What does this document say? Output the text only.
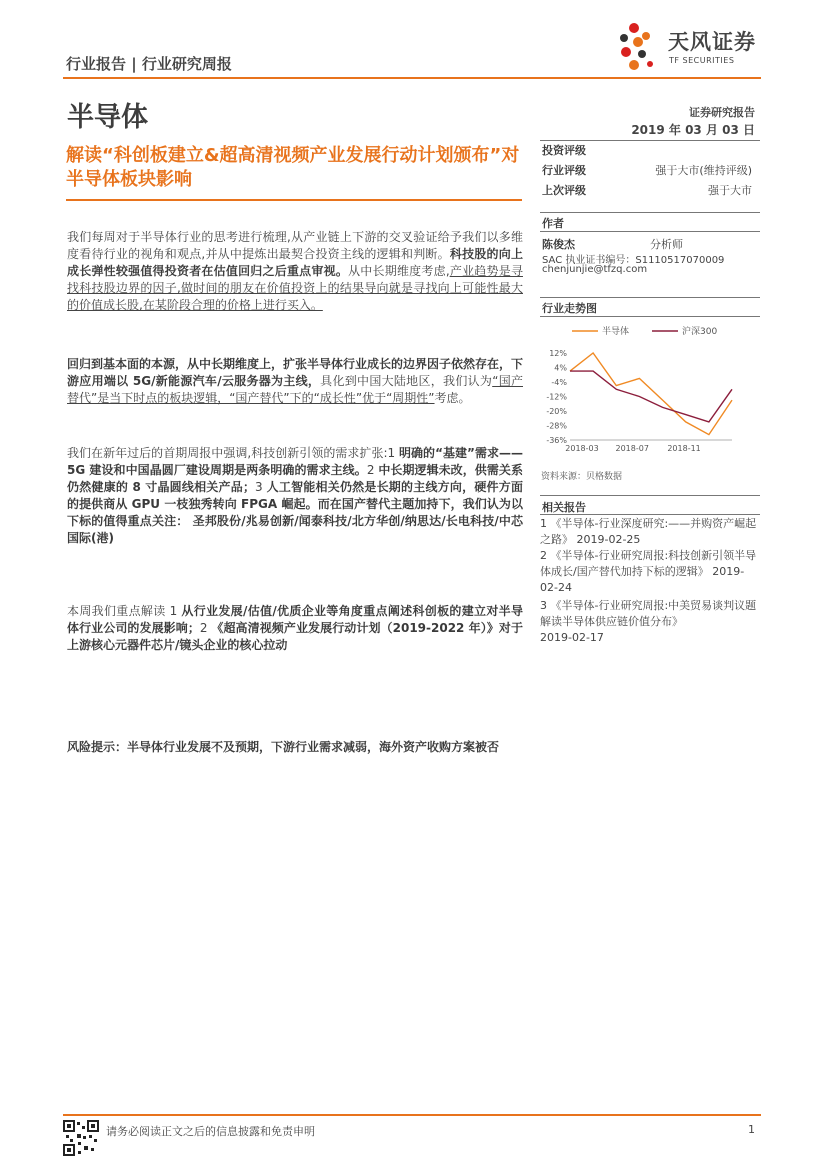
行业报告 | 行业研究周报
半导体
天风证券
TF SECURITIES
证券研究报告
2019 年 03 月 03 日
解读“科创板建立&超高清视频产业发展行动计划颁布”对半导体板块影响
投资评级
行业评级	强于大市(维持评级)
上次评级	强于大市
作者
陈俊杰	分析师
SAC 执业证书编号：S1110517070009
chenjunjie@tfzq.com
行业走势图
半导体	沪深300
12%
4%
-4%
-12%
-20%
-28%
-36%
2018-03 2018-07 2018-11
资料来源：贝格数据
相关报告
1 《半导体-行业深度研究:——并购资产崛起之路》 2019-02-25
2 《半导体-行业研究周报:科技创新引领半导体成长/国产替代加持下标的逻辑》 2019-02-24
3 《半导体-行业研究周报:中美贸易谈判议题解读半导体供应链价值分布》
2019-02-17
我们每周对于半导体行业的思考进行梳理,从产业链上下游的交叉验证给予我们以多维度看待行业的视角和观点,并从中提炼出最契合投资主线的逻辑和判断。科技股的向上成长弹性较强值得投资者在估值回归之后重点审视。从中长期维度考虑,产业趋势是寻找科技股边界的因子,做时间的朋友在价值投资上的结果导向就是寻找向上可能性最大的价值成长股,在某阶段合理的价格上进行买入。
回归到基本面的本源，从中长期维度上，扩张半导体行业成长的边界因子依然存在，下游应用端以 5G/新能源汽车/云服务器为主线，具化到中国大陆地区，我们认为“国产替代”是当下时点的板块逻辑，“国产替代”下的“成长性”优于“周期性”考虑。
我们在新年过后的首期周报中强调,科技创新引领的需求扩张:1 明确的“基建”需求——5G 建设和中国晶圆厂建设周期是两条明确的需求主线。2 中长期逻辑未改，供需关系仍然健康的 8 寸晶圆线相关产品；3 人工智能相关仍然是长期的主线方向，硬件方面的提供商从 GPU 一枝独秀转向 FPGA 崛起。而在国产替代主题加持下，我们认为以下标的值得重点关注： 圣邦股份/兆易创新/闻泰科技/北方华创/纳思达/长电科技/中芯国际(港)
本周我们重点解读 1 从行业发展/估值/优质企业等角度重点阐述科创板的建立对半导体行业公司的发展影响；2 《超高清视频产业发展行动计划（2019-2022 年）》对于上游核心元器件芯片/镜头企业的核心拉动
风险提示：半导体行业发展不及预期，下游行业需求减弱，海外资产收购方案被否
请务必阅读正文之后的信息披露和免责申明	1
